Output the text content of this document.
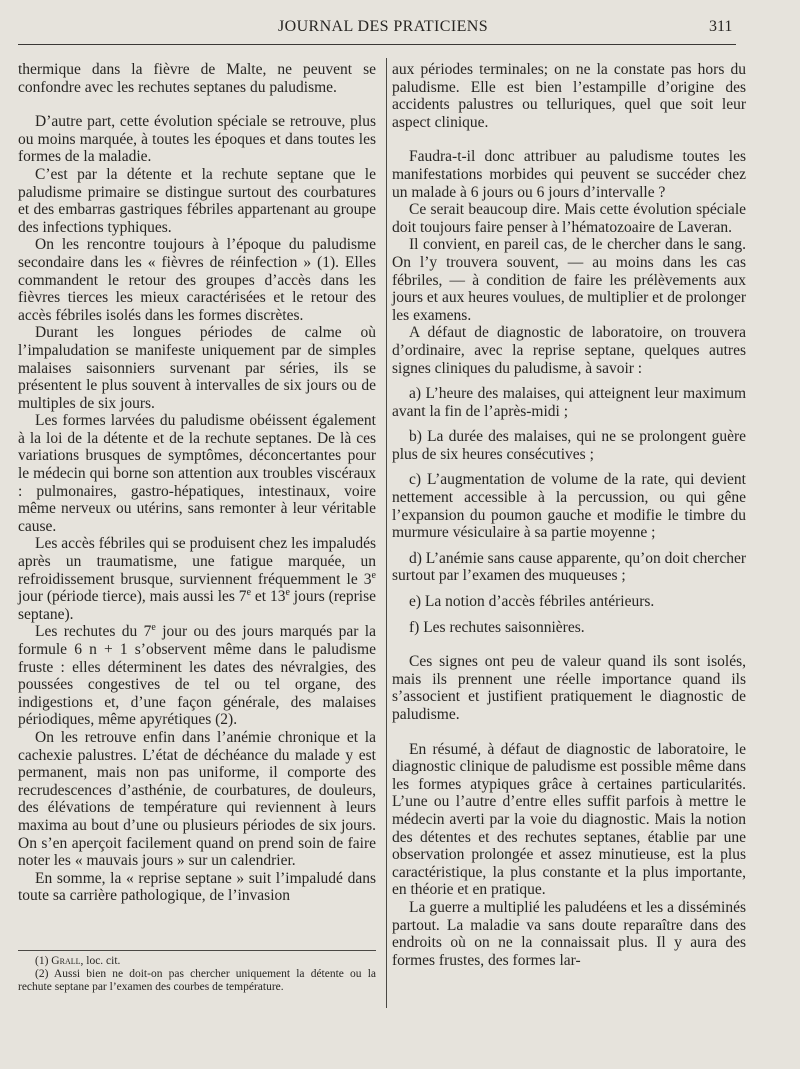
JOURNAL DES PRATICIENS	311

thermique dans la fièvre de Malte, ne peuvent se confondre avec les rechutes septanes du paludisme.

D’autre part, cette évolution spéciale se retrouve, plus ou moins marquée, à toutes les époques et dans toutes les formes de la maladie.

C’est par la détente et la rechute septane que le paludisme primaire se distingue surtout des courbatures et des embarras gastriques fébriles appartenant au groupe des infections typhiques.

On les rencontre toujours à l’époque du paludisme secondaire dans les « fièvres de réinfection » (1). Elles commandent le retour des groupes d’accès dans les fièvres tierces les mieux caractérisées et le retour des accès fébriles isolés dans les formes discrètes.

Durant les longues périodes de calme où l’impaludation se manifeste uniquement par de simples malaises saisonniers survenant par séries, ils se présentent le plus souvent à intervalles de six jours ou de multiples de six jours.

Les formes larvées du paludisme obéissent également à la loi de la détente et de la rechute septanes. De là ces variations brusques de symptômes, déconcertantes pour le médecin qui borne son attention aux troubles viscéraux : pulmonaires, gastro-hépatiques, intestinaux, voire même nerveux ou utérins, sans remonter à leur véritable cause.

Les accès fébriles qui se produisent chez les impaludés après un traumatisme, une fatigue marquée, un refroidissement brusque, surviennent fréquemment le 3e jour (période tierce), mais aussi les 7e et 13e jours (reprise septane).

Les rechutes du 7e jour ou des jours marqués par la formule 6 n + 1 s’observent même dans le paludisme fruste : elles déterminent les dates des névralgies, des poussées congestives de tel ou tel organe, des indigestions et, d’une façon générale, des malaises périodiques, même apyrétiques (2).

On les retrouve enfin dans l’anémie chronique et la cachexie palustres. L’état de déchéance du malade y est permanent, mais non pas uniforme, il comporte des recrudescences d’asthénie, de courbatures, de douleurs, des élévations de température qui reviennent à leurs maxima au bout d’une ou plusieurs périodes de six jours. On s’en aperçoit facilement quand on prend soin de faire noter les « mauvais jours » sur un calendrier.

En somme, la « reprise septane » suit l’impaludé dans toute sa carrière pathologique, de l’invasion

(1) Grall, loc. cit.

(2) Aussi bien ne doit-on pas chercher uniquement la détente ou la rechute septane par l’examen des courbes de température.

aux périodes terminales; on ne la constate pas hors du paludisme. Elle est bien l’estampille d’origine des accidents palustres ou telluriques, quel que soit leur aspect clinique.

Faudra-t-il donc attribuer au paludisme toutes les manifestations morbides qui peuvent se succéder chez un malade à 6 jours ou 6 jours d’intervalle ?

Ce serait beaucoup dire. Mais cette évolution spéciale doit toujours faire penser à l’hématozoaire de Laveran.

Il convient, en pareil cas, de le chercher dans le sang. On l’y trouvera souvent, — au moins dans les cas fébriles, — à condition de faire les prélèvements aux jours et aux heures voulues, de multiplier et de prolonger les examens.

A défaut de diagnostic de laboratoire, on trouvera d’ordinaire, avec la reprise septane, quelques autres signes cliniques du paludisme, à savoir :

a) L’heure des malaises, qui atteignent leur maximum avant la fin de l’après-midi ;

b) La durée des malaises, qui ne se prolongent guère plus de six heures consécutives ;

c) L’augmentation de volume de la rate, qui devient nettement accessible à la percussion, ou qui gêne l’expansion du poumon gauche et modifie le timbre du murmure vésiculaire à sa partie moyenne ;

d) L’anémie sans cause apparente, qu’on doit chercher surtout par l’examen des muqueuses ;

e) La notion d’accès fébriles antérieurs.

f) Les rechutes saisonnières.

Ces signes ont peu de valeur quand ils sont isolés, mais ils prennent une réelle importance quand ils s’associent et justifient pratiquement le diagnostic de paludisme.

En résumé, à défaut de diagnostic de laboratoire, le diagnostic clinique de paludisme est possible même dans les formes atypiques grâce à certaines particularités. L’une ou l’autre d’entre elles suffit parfois à mettre le médecin averti par la voie du diagnostic. Mais la notion des détentes et des rechutes septanes, établie par une observation prolongée et assez minutieuse, est la plus caractéristique, la plus constante et la plus importante, en théorie et en pratique.

La guerre a multiplié les paludéens et les a disséminés partout. La maladie va sans doute reparaître dans des endroits où on ne la connaissait plus. Il y aura des formes frustes, des formes lar-
